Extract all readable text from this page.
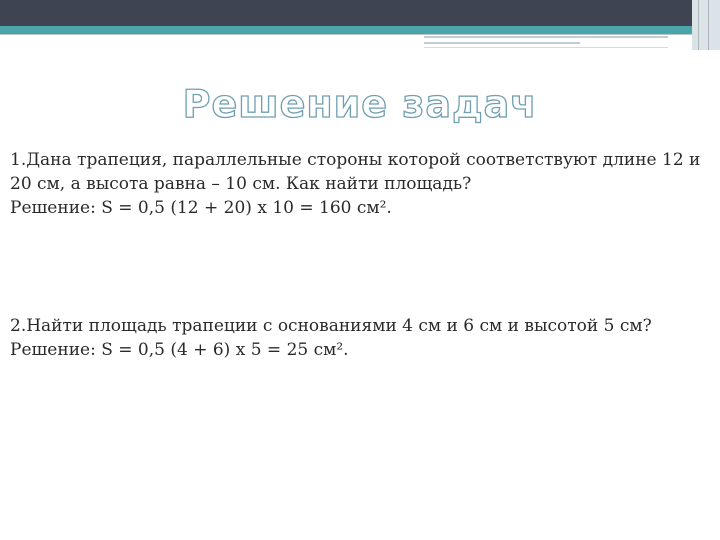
Решение задач

1.Дана трапеция, параллельные стороны которой соответствуют длине 12 и 20 см, а высота равна – 10 см. Как найти площадь?

Решение: S = 0,5 (12 + 20) х 10 = 160 см².

2.Найти площадь трапеции с основаниями 4 см и 6 см и высотой 5 см?

Решение: S = 0,5 (4 + 6) х 5 = 25 см².
